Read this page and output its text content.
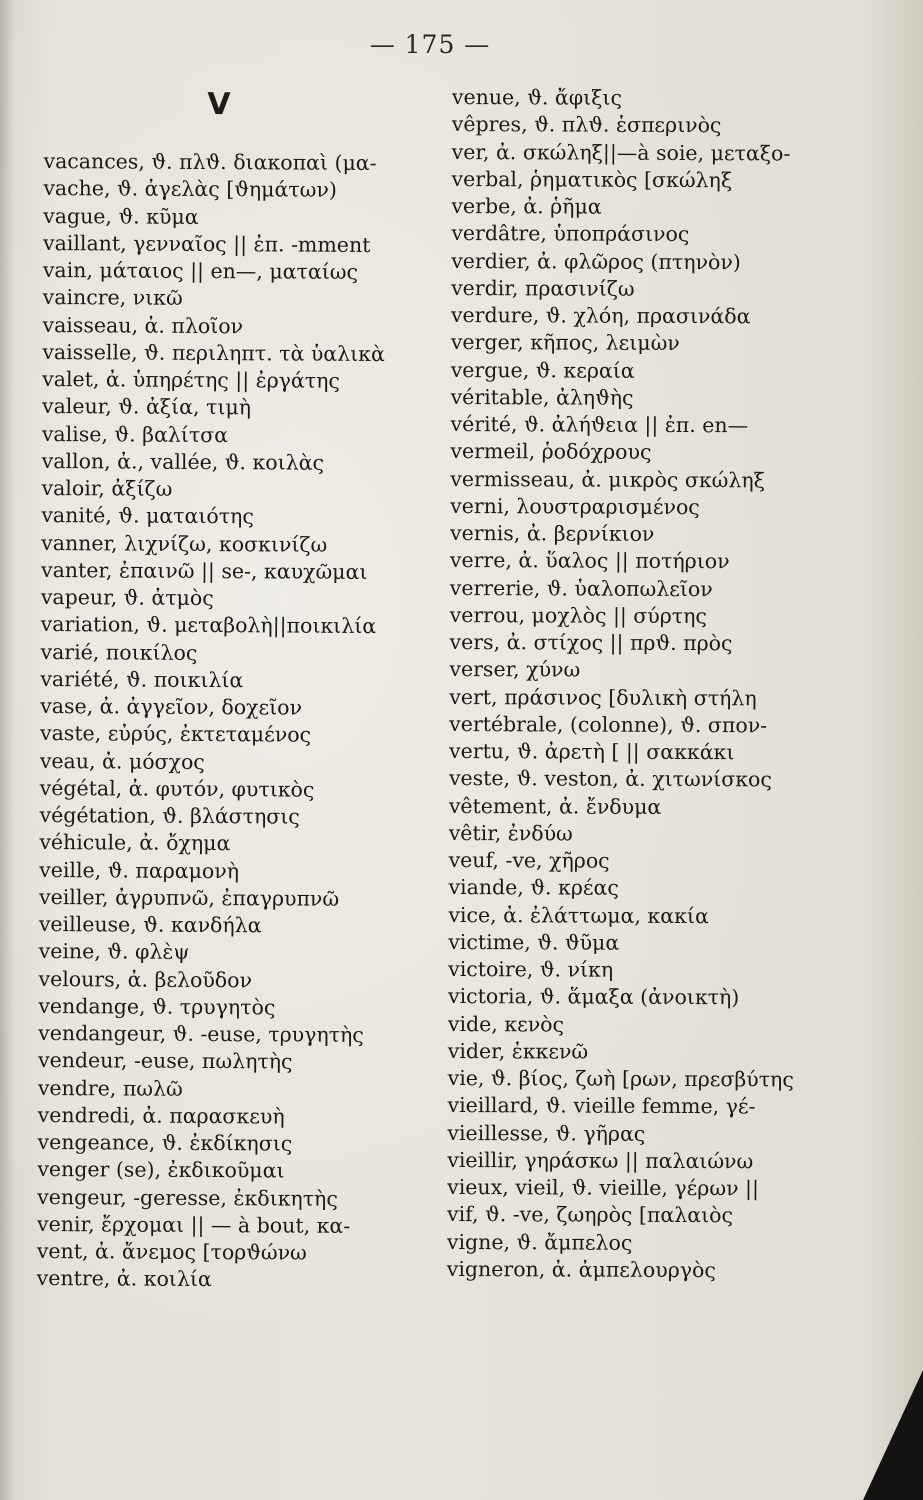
— 175 —
V
vacances, ϑ. πλϑ. διακοπαὶ (μα-
vache, ϑ. ἀγελὰς [ϑημάτων)
vague, ϑ. κῦμα
vaillant, γενναῖος || ἐπ. -mment
vain, μάταιος || en—, ματαίως
vaincre, νικῶ
vaisseau, ἀ. πλοῖον
vaisselle, ϑ. περιληπτ. τὰ ὑαλικὰ
valet, ἀ. ὑπηρέτης || ἐργάτης
valeur, ϑ. ἀξία, τιμὴ
valise, ϑ. βαλίτσα
vallon, ἀ., vallée, ϑ. κοιλὰς
valoir, ἀξίζω
vanité, ϑ. ματαιότης
vanner, λιχνίζω, κοσκινίζω
vanter, ἐπαινῶ || se-, καυχῶμαι
vapeur, ϑ. ἀτμὸς
variation, ϑ. μεταβολὴ||ποικιλία
varié, ποικίλος
variété, ϑ. ποικιλία
vase, ἀ. ἀγγεῖον, δοχεῖον
vaste, εὐρύς, ἐκτεταμένος
veau, ἀ. μόσχος
végétal, ἀ. φυτόν, φυτικὸς
végétation, ϑ. βλάστησις
véhicule, ἀ. ὄχημα
veille, ϑ. παραμονὴ
veiller, ἀγρυπνῶ, ἐπαγρυπνῶ
veilleuse, ϑ. κανδήλα
veine, ϑ. φλὲψ
velours, ἀ. βελοῦδον
vendange, ϑ. τρυγητὸς
vendangeur, ϑ. -euse, τρυγητὴς
vendeur, -euse, πωλητὴς
vendre, πωλῶ
vendredi, ἀ. παρασκευὴ
vengeance, ϑ. ἐκδίκησις
venger (se), ἐκδικοῦμαι
vengeur, -geresse, ἐκδικητὴς
venir, ἔρχομαι || — à bout, κα-
vent, ἀ. ἄνεμος [τορϑώνω
ventre, ἀ. κοιλία
venue, ϑ. ἄφιξις
vêpres, ϑ. πλϑ. ἑσπερινὸς
ver, ἀ. σκώληξ||—à soie, μεταξο-
verbal, ῥηματικὸς [σκώληξ
verbe, ἀ. ῥῆμα
verdâtre, ὑποπράσινος
verdier, ἀ. φλῶρος (πτηνὸν)
verdir, πρασινίζω
verdure, ϑ. χλόη, πρασινάδα
verger, κῆπος, λειμὼν
vergue, ϑ. κεραία
véritable, ἀληϑὴς
vérité, ϑ. ἀλήϑεια || ἐπ. en—
vermeil, ῥοδόχρους
vermisseau, ἀ. μικρὸς σκώληξ
verni, λουστραρισμένος
vernis, ἀ. βερνίκιον
verre, ἀ. ὕαλος || ποτήριον
verrerie, ϑ. ὑαλοπωλεῖον
verrou, μοχλὸς || σύρτης
vers, ἀ. στίχος || πρϑ. πρὸς
verser, χύνω
vert, πράσινος [δυλικὴ στήλη
vertébrale, (colonne), ϑ. σπον-
vertu, ϑ. ἀρετὴ [ || σακκάκι
veste, ϑ. veston, ἀ. χιτωνίσκος
vêtement, ἀ. ἔνδυμα
vêtir, ἐνδύω
veuf, -ve, χῆρος
viande, ϑ. κρέας
vice, ἀ. ἐλάττωμα, κακία
victime, ϑ. ϑῦμα
victoire, ϑ. νίκη
victoria, ϑ. ἅμαξα (ἀνοικτὴ)
vide, κενὸς
vider, ἐκκενῶ
vie, ϑ. βίος, ζωὴ [ρων, πρεσβύτης
vieillard, ϑ. vieille femme, γέ-
vieillesse, ϑ. γῆρας
vieillir, γηράσκω || παλαιώνω
vieux, vieil, ϑ. vieille, γέρων ||
vif, ϑ. -ve, ζωηρὸς [παλαιὸς
vigne, ϑ. ἄμπελος
vigneron, ἀ. ἀμπελουργὸς
